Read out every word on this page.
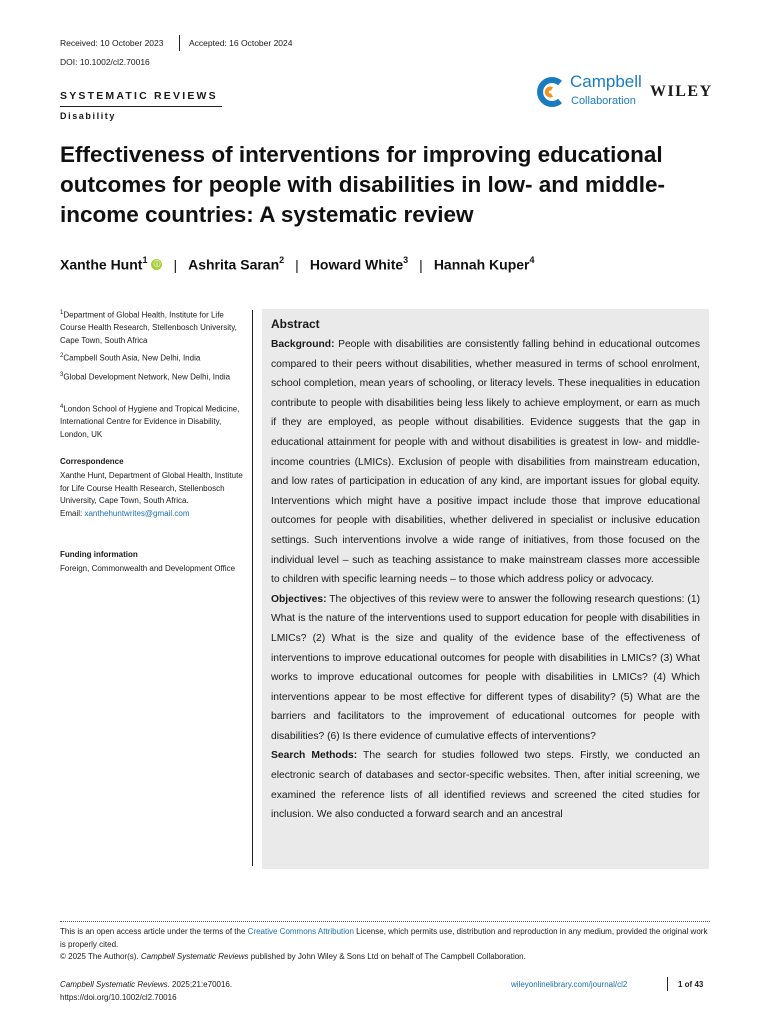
Received: 10 October 2023	Accepted: 16 October 2024
DOI: 10.1002/cl2.70016
SYSTEMATIC REVIEWS
Disability
Campbell
Collaboration
WILEY
Effectiveness of interventions for improving educational outcomes for people with disabilities in low- and middle-income countries: A systematic review
Xanthe Hunt$^1$ ⓘ | Ashrita Saran$^2$ | Howard White$^3$ | Hannah Kuper$^4$
$^1$Department of Global Health, Institute for Life Course Health Research, Stellenbosch University, Cape Town, South Africa
$^2$Campbell South Asia, New Delhi, India
$^3$Global Development Network, New Delhi, India
$^4$London School of Hygiene and Tropical Medicine, International Centre for Evidence in Disability, London, UK
Correspondence
Xanthe Hunt, Department of Global Health, Institute for Life Course Health Research, Stellenbosch University, Cape Town, South Africa.
Email: xanthehuntwrites@gmail.com
Funding information
Foreign, Commonwealth and Development Office
Abstract
Background: People with disabilities are consistently falling behind in educational outcomes compared to their peers without disabilities, whether measured in terms of school enrolment, school completion, mean years of schooling, or literacy levels. These inequalities in education contribute to people with disabilities being less likely to achieve employment, or earn as much if they are employed, as people without disabilities. Evidence suggests that the gap in educational attainment for people with and without disabilities is greatest in low- and middle-income countries (LMICs). Exclusion of people with disabilities from mainstream education, and low rates of participation in education of any kind, are important issues for global equity. Interventions which might have a positive impact include those that improve educational outcomes for people with disabilities, whether delivered in specialist or inclusive education settings. Such interventions involve a wide range of initiatives, from those focused on the individual level – such as teaching assistance to make mainstream classes more accessible to children with specific learning needs – to those which address policy or advocacy.
Objectives: The objectives of this review were to answer the following research questions: (1) What is the nature of the interventions used to support education for people with disabilities in LMICs? (2) What is the size and quality of the evidence base of the effectiveness of interventions to improve educational outcomes for people with disabilities in LMICs? (3) What works to improve educational outcomes for people with disabilities in LMICs? (4) Which interventions appear to be most effective for different types of disability? (5) What are the barriers and facilitators to the improvement of educational outcomes for people with disabilities? (6) Is there evidence of cumulative effects of interventions?
Search Methods: The search for studies followed two steps. Firstly, we conducted an electronic search of databases and sector-specific websites. Then, after initial screening, we examined the reference lists of all identified reviews and screened the cited studies for inclusion. We also conducted a forward search and an ancestral
This is an open access article under the terms of the Creative Commons Attribution License, which permits use, distribution and reproduction in any medium, provided the original work is properly cited.
© 2025 The Author(s). Campbell Systematic Reviews published by John Wiley & Sons Ltd on behalf of The Campbell Collaboration.
Campbell Systematic Reviews. 2025;21:e70016.
https://doi.org/10.1002/cl2.70016
wileyonlinelibrary.com/journal/cl2	1 of 43
